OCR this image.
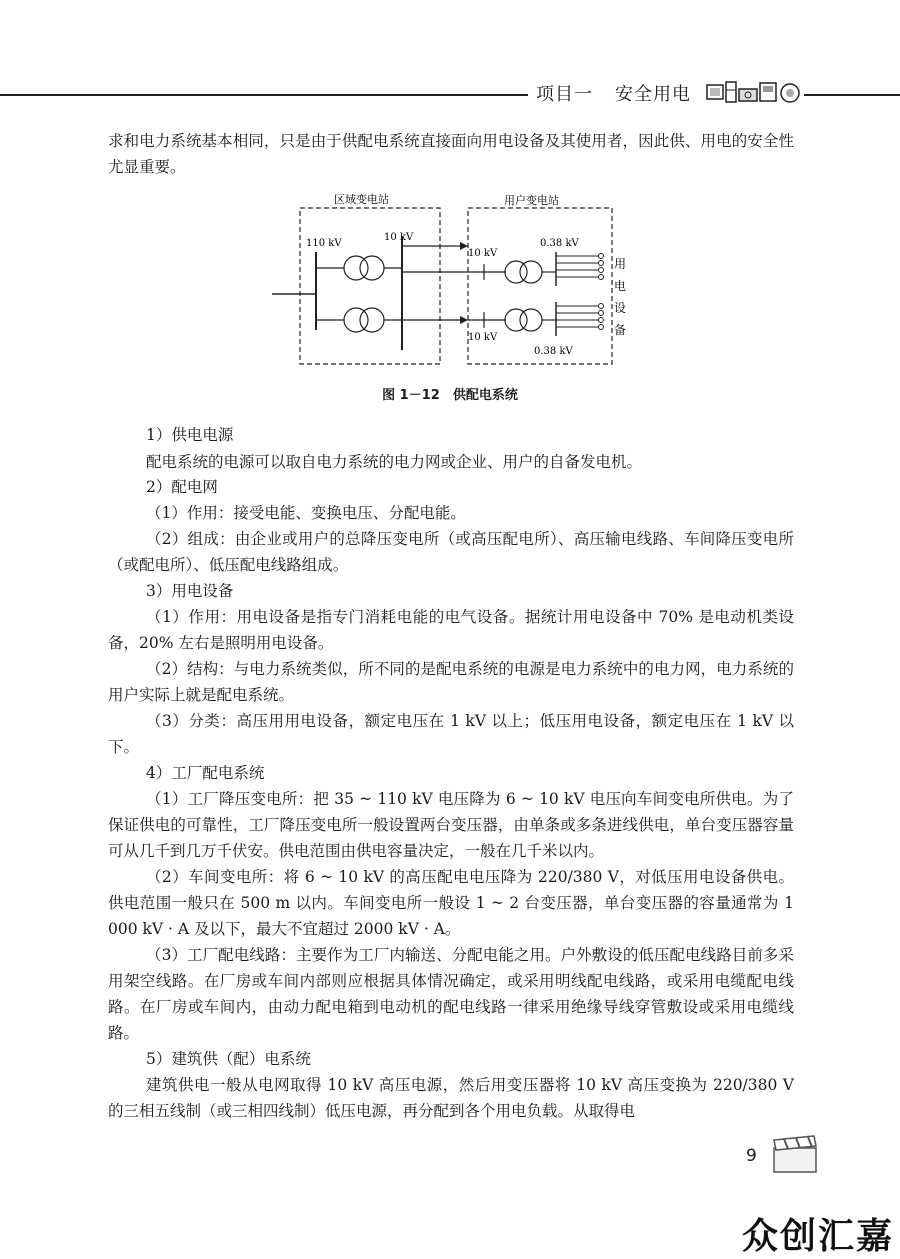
项目一 安全用电

求和电力系统基本相同，只是由于供配电系统直接面向用电设备及其使用者，因此供、用电的安全性尤显重要。

区域变电站	用户变电站
110 kV
10 kV
10 kV
0.38 kV
10 kV
0.38 kV
用
电
设
备
图 1－12　供配电系统

1）供电电源

配电系统的电源可以取自电力系统的电力网或企业、用户的自备发电机。

2）配电网

（1）作用：接受电能、变换电压、分配电能。

（2）组成：由企业或用户的总降压变电所（或高压配电所）、高压输电线路、车间降压变电所（或配电所）、低压配电线路组成。

3）用电设备

（1）作用：用电设备是指专门消耗电能的电气设备。据统计用电设备中 70% 是电动机类设备，20% 左右是照明用电设备。

（2）结构：与电力系统类似，所不同的是配电系统的电源是电力系统中的电力网，电力系统的用户实际上就是配电系统。

（3）分类：高压用用电设备，额定电压在 1 kV 以上；低压用电设备，额定电压在 1 kV 以下。

4）工厂配电系统

（1）工厂降压变电所：把 35 ~ 110 kV 电压降为 6 ~ 10 kV 电压向车间变电所供电。为了保证供电的可靠性，工厂降压变电所一般设置两台变压器，由单条或多条进线供电，单台变压器容量可从几千到几万千伏安。供电范围由供电容量决定，一般在几千米以内。

（2）车间变电所：将 6 ~ 10 kV 的高压配电电压降为 220/380 V，对低压用电设备供电。供电范围一般只在 500 m 以内。车间变电所一般设 1 ~ 2 台变压器，单台变压器的容量通常为 1 000 kV · A 及以下，最大不宜超过 2000 kV · A。

（3）工厂配电线路：主要作为工厂内输送、分配电能之用。户外敷设的低压配电线路目前多采用架空线路。在厂房或车间内部则应根据具体情况确定，或采用明线配电线路，或采用电缆配电线路。在厂房或车间内，由动力配电箱到电动机的配电线路一律采用绝缘导线穿管敷设或采用电缆线路。

5）建筑供（配）电系统

建筑供电一般从电网取得 10 kV 高压电源，然后用变压器将 10 kV 高压变换为 220/380 V 的三相五线制（或三相四线制）低压电源，再分配到各个用电负载。从取得电

9
众创汇嘉
